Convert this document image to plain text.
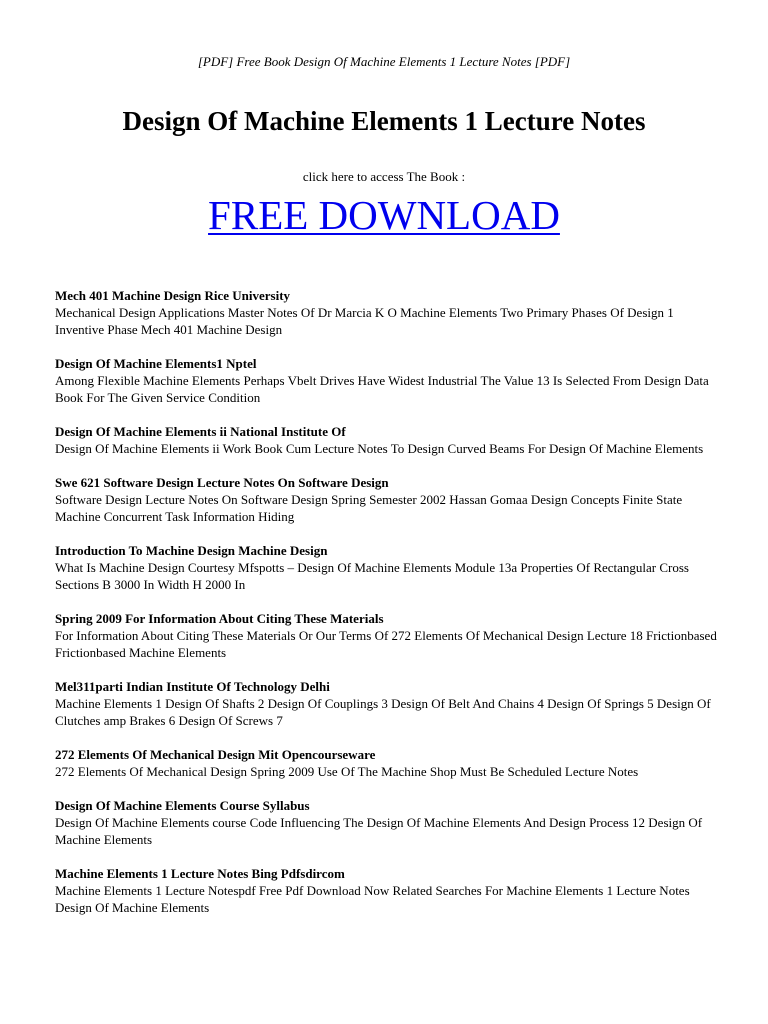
[PDF] Free Book Design Of Machine Elements 1 Lecture Notes [PDF]
Design Of Machine Elements 1 Lecture Notes
click here to access The Book :
FREE DOWNLOAD
Mech 401 Machine Design Rice University
Mechanical Design Applications Master Notes Of Dr Marcia K O Machine Elements Two Primary Phases Of Design 1 Inventive Phase Mech 401 Machine Design
Design Of Machine Elements1 Nptel
Among Flexible Machine Elements Perhaps Vbelt Drives Have Widest Industrial The Value 13 Is Selected From Design Data Book For The Given Service Condition
Design Of Machine Elements ii National Institute Of
Design Of Machine Elements ii Work Book Cum Lecture Notes To Design Curved Beams For Design Of Machine Elements
Swe 621 Software Design Lecture Notes On Software Design
Software Design Lecture Notes On Software Design Spring Semester 2002 Hassan Gomaa Design Concepts Finite State Machine Concurrent Task Information Hiding
Introduction To Machine Design Machine Design
What Is Machine Design Courtesy Mfspotts – Design Of Machine Elements Module 13a Properties Of Rectangular Cross Sections B 3000 In Width H 2000 In
Spring 2009 For Information About Citing These Materials
For Information About Citing These Materials Or Our Terms Of 272 Elements Of Mechanical Design Lecture 18 Frictionbased Frictionbased Machine Elements
Mel311parti Indian Institute Of Technology Delhi
Machine Elements 1 Design Of Shafts 2 Design Of Couplings 3 Design Of Belt And Chains 4 Design Of Springs 5 Design Of Clutches amp Brakes 6 Design Of Screws 7
272 Elements Of Mechanical Design Mit Opencourseware
272 Elements Of Mechanical Design Spring 2009 Use Of The Machine Shop Must Be Scheduled Lecture Notes
Design Of Machine Elements Course Syllabus
Design Of Machine Elements course Code Influencing The Design Of Machine Elements And Design Process 12 Design Of Machine Elements
Machine Elements 1 Lecture Notes Bing Pdfsdircom
Machine Elements 1 Lecture Notespdf Free Pdf Download Now Related Searches For Machine Elements 1 Lecture Notes Design Of Machine Elements
